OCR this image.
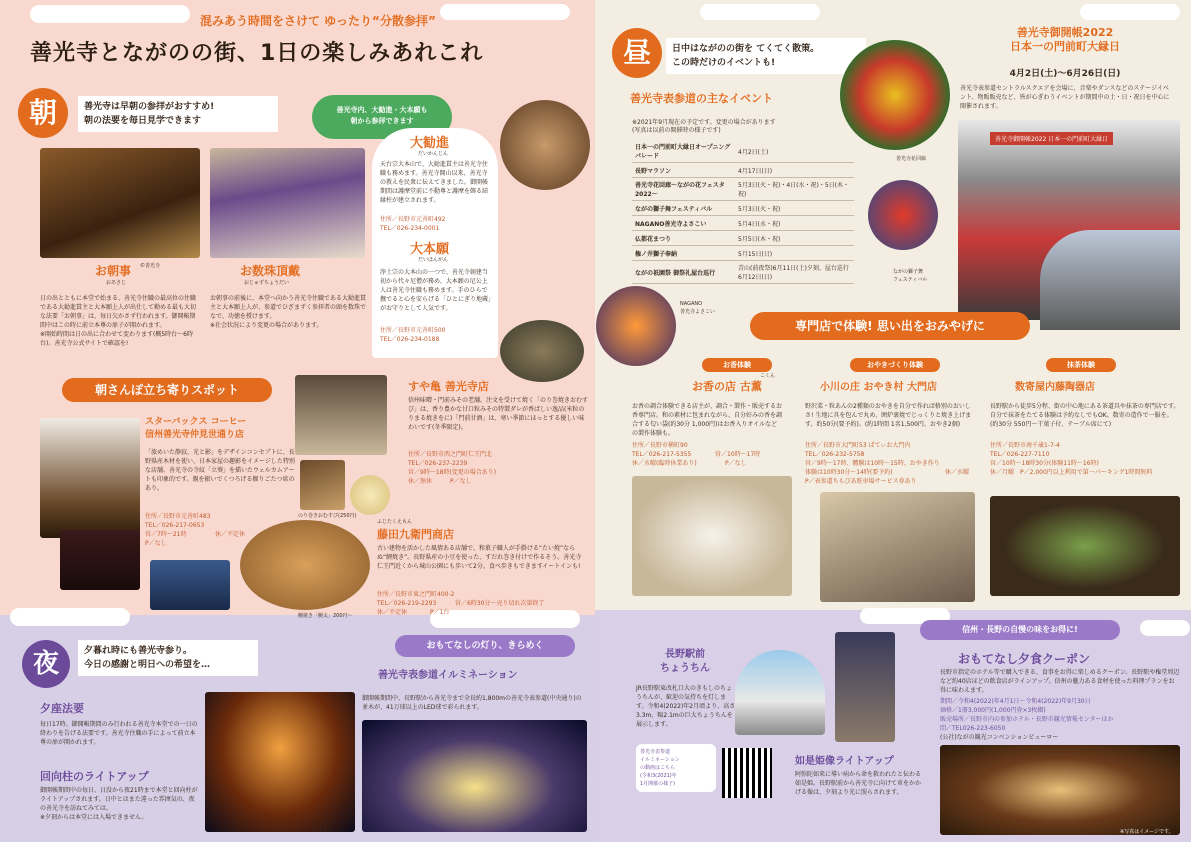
混みあう時間をさけて ゆったり“分散参拝”
善光寺とながのの街、1日の楽しみあれこれ
朝	善光寺は早朝の参拝がおすすめ!
朝の法要を毎日見学できます
善光寺内、大勧進・大本願も
朝から参拝できます
©善光寺
お朝事
おあさじ
お数珠頂戴
おじゅずちょうだい
日の出とともに本堂で始まる、善光寺住職の最高位の住職である大勧進貫主と大本願上人が出仕して勤める最も大切な法要「お朝事」は、毎日欠かさず行われます。御開帳期間中はこの時に前立本尊の扉子が開かれます。
※開始時間は日の出に合わせて変わります(概5時台〜6時台)。善光寺公式サイトで確認を!
お朝事の前後に、本堂へ向かう善光寺住職である大勧進貫主と大本願上人が、参道でひざまずく参拝者の頭を数珠でなで、功徳を授けます。
※社会状況により変更の場合があります。
大勧進
だいかんじん
天台宗大本山で、大勧進貫主は善光寺住職も務めます。善光寺開山以来、善光寺の教えを民衆に伝えてきました。御開帳期間は護摩堂前に不動尊と護摩を飾る結縁柱が建立されます。
住所／長野市元善町492
TEL／026-234-0001
大本願
だいほんがん
浄土宗の大本山の一つで、善光寺創建当初から代々尼僧が務め、大本願の尼公上人は善光寺住職も務めます。手のひらで撫でると心を安らげる「ひとにぎり地蔵」がお守りとして人気です。
住所／長野市元善町500
TEL／026-234-0188
朝さんぽ立ち寄りスポット
スターバックス コーヒー
信州善光寺仲見世通り店
「旅めいた静寂、光と影」をデザインコンセプトに、長野県産木材を使い、日本家屋の趣影をイメージした特別な店舗。善光寺の寺紋「立葵」を描いたウェルカムアートも印象的です。親を振いでくつろげる掘りごたつ席のあり。
住所／長野市元善町483
TEL／026-217-0653
営／7時〜21時	休／不定休
P／なし
すや亀 善光寺店
のり巻きおむすび(250円)

信州味噌・門前みその老舗。注文を受けて焼く「のり巻焼きおむすび」は、香り豊かな甘口粒みその特製ダレが香ばしい逸品(米粒のりまる焼きをに)「門前甘酒」は、寒い季節にほっとする優しい味わいです(冬季限定)。
住所／長野市西之門町仁王門北
TEL／026-237-2239
営／9時〜18時(変更の場合あり)
休／無休	P／なし
ふじたくえもん
藤田九衛門商店
鯉焼き「鯉太」200円〜
古い建物を活かした風情ある店舗で、和菓子職人が手掛ける“たい焼”ならぬ“鯉焼き”。長野県産の小豆を使った、すだれ巻き付けで作るそう。善光寺仁王門近くから城山公園にも歩いて2分。食べ歩きもできますイートインも!
住所／長野市東之門町400-2
TEL／026-219-2293	営／6時30分〜売り切れ次第終了
休／不定休	P／1台
夜	夕暮れ時にも善光寺参り。
今日の感謝と明日への希望を…
夕座法要
毎日17時、御開帳期間のみ行われる善光寺本堂での一日の終わりを告げる法要です。善光寺住職の手によって前立本尊の扉が開かれます。
回向柱のライトアップ
御開帳期間中の毎日、日没から夜21時まで本堂と回向柱がライトアップされます。日中とはまた違った雰囲気の、夜の善光寺を訪ねてみては。
※夕刻からは本堂には入場できません。
©善光寺
おもてなしの灯り、きらめく
善光寺表参道イルミネーション
御開帳期間中、長野駅から善光寺まで全長約1,800mの善光寺表参道(中央通り)の並木が、41万球以上のLED球で彩られます。
昼	日中はながのの街を てくてく散策。
この時だけのイベントも!
善光寺花回廊
善光寺表参道の主なイベント
※2021年9月現在の予定です。変更の場合があります
(写真は以前の開催時の様子です)
日本一の門前町大縁日オープニングパレード	4月2日(土)
長野マラソン	4月17日(日)
善光寺花回廊〜ながの花フェスタ2022〜	5月3日(火・祝)・4日(水・祝)・5日(木・祝)
ながの獅子舞フェスティバル	5月3日(火・祝)
NAGANO善光寺よさこい	5月4日(水・祝)
仏都花まつり	5月5日(木・祝)
権ノ井獅子奉納	5月15日(日)
ながの祇園祭 御祭礼屋台巡行	青山(前夜祭)6月11日(土)夕刻、屋台巡行6月12日(日)
ながの獅子舞
フェスティバル
NAGANO
善光寺よさこい
善光寺御開帳2022
日本一の門前町大縁日
4月2日(土)〜6月26日(日)
善光寺表参道セントラルスクエアを会場に、音楽やダンスなどのステージイベント、物販販売など、皆が心ぎわうイベントが期間中の土・日・祝日を中心に開催されます。
善光寺御開帳2022 日本一の門前町大縁日
専門店で体験! 思い出をおみやげに
お香体験
お香の店 古薫
こくん
お香の調合体験できる店主が、調合・製作・販売するお香専門店。和の素材に包まれながら、自分好みの香を調合する匂い袋(約30分 1,000円)はお香入りオイルなどの製作体験も。
住所／長野市横町90
TEL／026-217-5355	営／10時〜17時
休／水曜(臨時休業あり)	P／なし
おやきづくり体験
小川の庄 おやき村 大門店
野沢菜・粒あんの2種類のおやきを自分で作れば格別のおいしさ! 生地に具を包んで丸め、囲炉裏焼でじっくりと焼き上げます。約50分(要予約)。(約1時間 1名1,500円、おやき2個)
住所／長野市大門町53 ぱてぃお大門内
TEL／026-232-5758
営／9時〜17時、體験は10時〜15時、おやき作り体験は10時30分〜14時(要予約)	休／水曜
P／表参道ちもぴあ駐車場サービス券あり
抹茶体験
数寄屋内藤陶器店
長野駅から徒歩5分程、街の中心地にある茶道具や抹茶の専門店です。自分で抹茶をたてる体験は予約なしでもOK。数寄の造作で一服を。(約30分 550円〜干菓子付、テーブル席にて)
住所／長野市南千歳1-7-4
TEL／026-227-7110
営／10時〜18時30分(体験11時〜16時)
休／月曜 P／2,000円以上利用で第一パーキング1時間無料
長野駅前
ちょうちん
JR長野駅東改札口大のきもしのちょうちんが、歓迎の気持ちを灯します。令和4(2022)年2月頃より、高さ3.3m、幅2.1mの巨大ちょうちんを展示します。
善光寺表参道
イルミネーション
の動画はこちら
(令和3(2021)年
1月開催の様子)
如是姫像ライトアップ
阿弥陀如来に導い病から命を救われたと伝わる如是姫。長野駅前から善光寺に向けて車をかかげる像は、夕刻より光に照らされます。
信州・長野の自慢の味をお得に!
おもてなし夕食クーポン
長野市指定のホテル等で購入できる、食事をお得に楽しめるクーポン。長野駅や権堂周辺など約40店ほどの飲食店がラインアップ。信州の魅力ある食材を使った料理プランをお得に味わえます。
期間／令和4(2022)年4月1日〜令和4(2022)年9月30日
価格／1冊3,000円(1,000円券×3枚綴)
販売場所／長野市内の参加ホテル・長野市観光情報センターほか
問／TEL026-223-6050
(公社)ながの観光コンベンションビューロー
※写真はイメージです。
